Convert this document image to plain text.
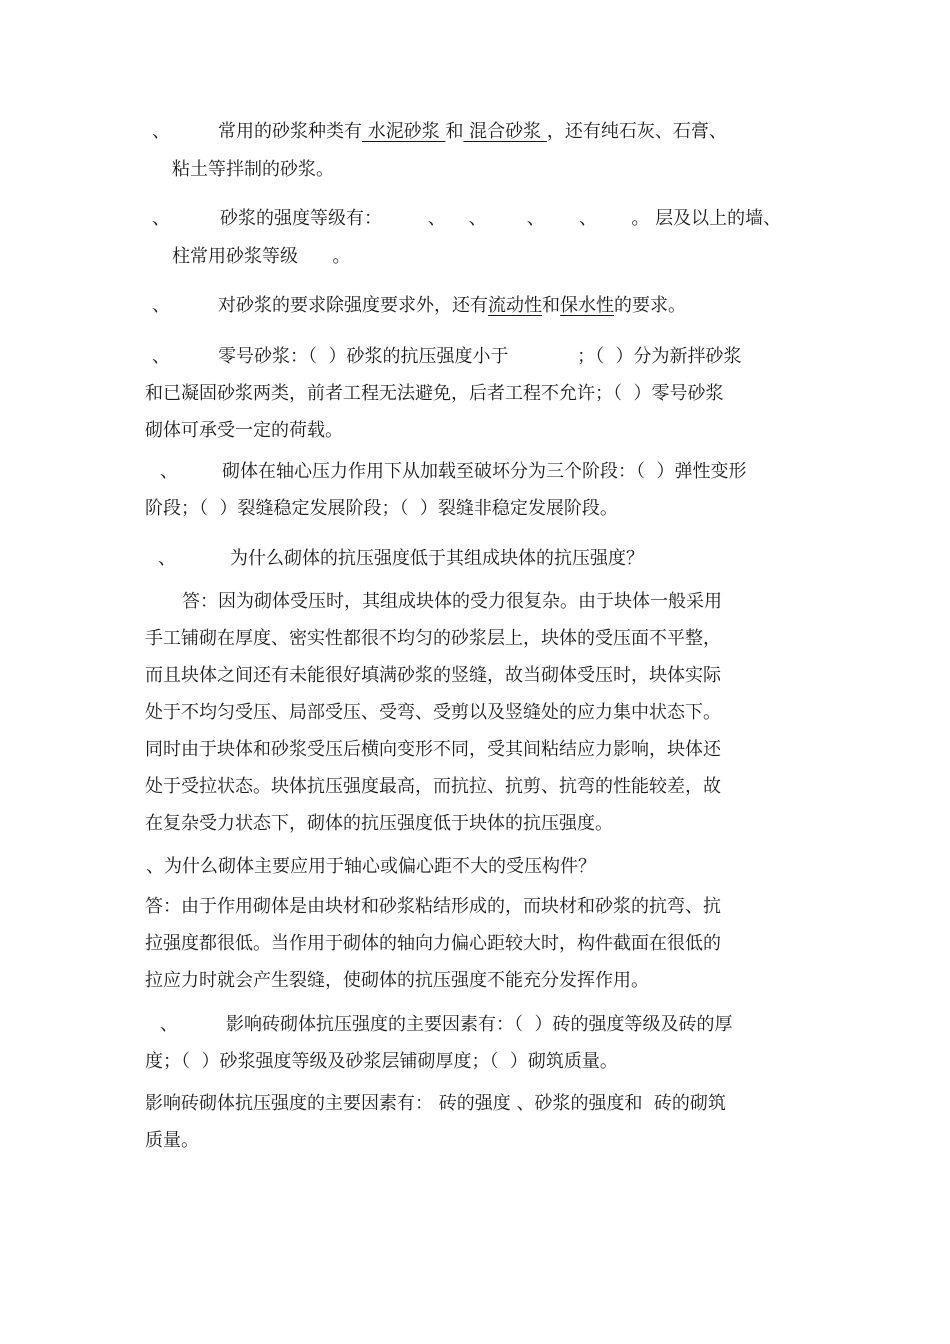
、	常用的砂浆种类有 水泥砂浆 和 混合砂浆 ，还有纯石灰、石膏、
粘土等拌制的砂浆。
、	砂浆的强度等级有：        、    、       、      、      。 层及以上的墙、
柱常用砂浆等级      。
、	对砂浆的要求除强度要求外，还有流动性和保水性的要求。
、	零号砂浆：（  ）砂浆的抗压强度小于            ；（  ）分为新拌砂浆
和已凝固砂浆两类，前者工程无法避免，后者工程不允许；（  ）零号砂浆
砌体可承受一定的荷载。
、 砌体在轴心压力作用下从加载至破坏分为三个阶段：（  ）弹性变形
阶段；（  ）裂缝稳定发展阶段；（  ）裂缝非稳定发展阶段。
、	为什么砌体的抗压强度低于其组成块体的抗压强度？
答：因为砌体受压时，其组成块体的受力很复杂。由于块体一般采用
手工铺砌在厚度、密实性都很不均匀的砂浆层上，块体的受压面不平整，
而且块体之间还有未能很好填满砂浆的竖缝，故当砌体受压时，块体实际
处于不均匀受压、局部受压、受弯、受剪以及竖缝处的应力集中状态下。
同时由于块体和砂浆受压后横向变形不同，受其间粘结应力影响，块体还
处于受拉状态。块体抗压强度最高，而抗拉、抗剪、抗弯的性能较差，故
在复杂受力状态下，砌体的抗压强度低于块体的抗压强度。
、为什么砌体主要应用于轴心或偏心距不大的受压构件？
答：由于作用砌体是由块材和砂浆粘结形成的，而块材和砂浆的抗弯、抗
拉强度都很低。当作用于砌体的轴向力偏心距较大时，构件截面在很低的
拉应力时就会产生裂缝，使砌体的抗压强度不能充分发挥作用。
、	影响砖砌体抗压强度的主要因素有：（  ）砖的强度等级及砖的厚
度；（  ）砂浆强度等级及砂浆层铺砌厚度；（  ）砌筑质量。
影响砖砌体抗压强度的主要因素有： 砖的强度 、砂浆的强度和  砖的砌筑
质量。
